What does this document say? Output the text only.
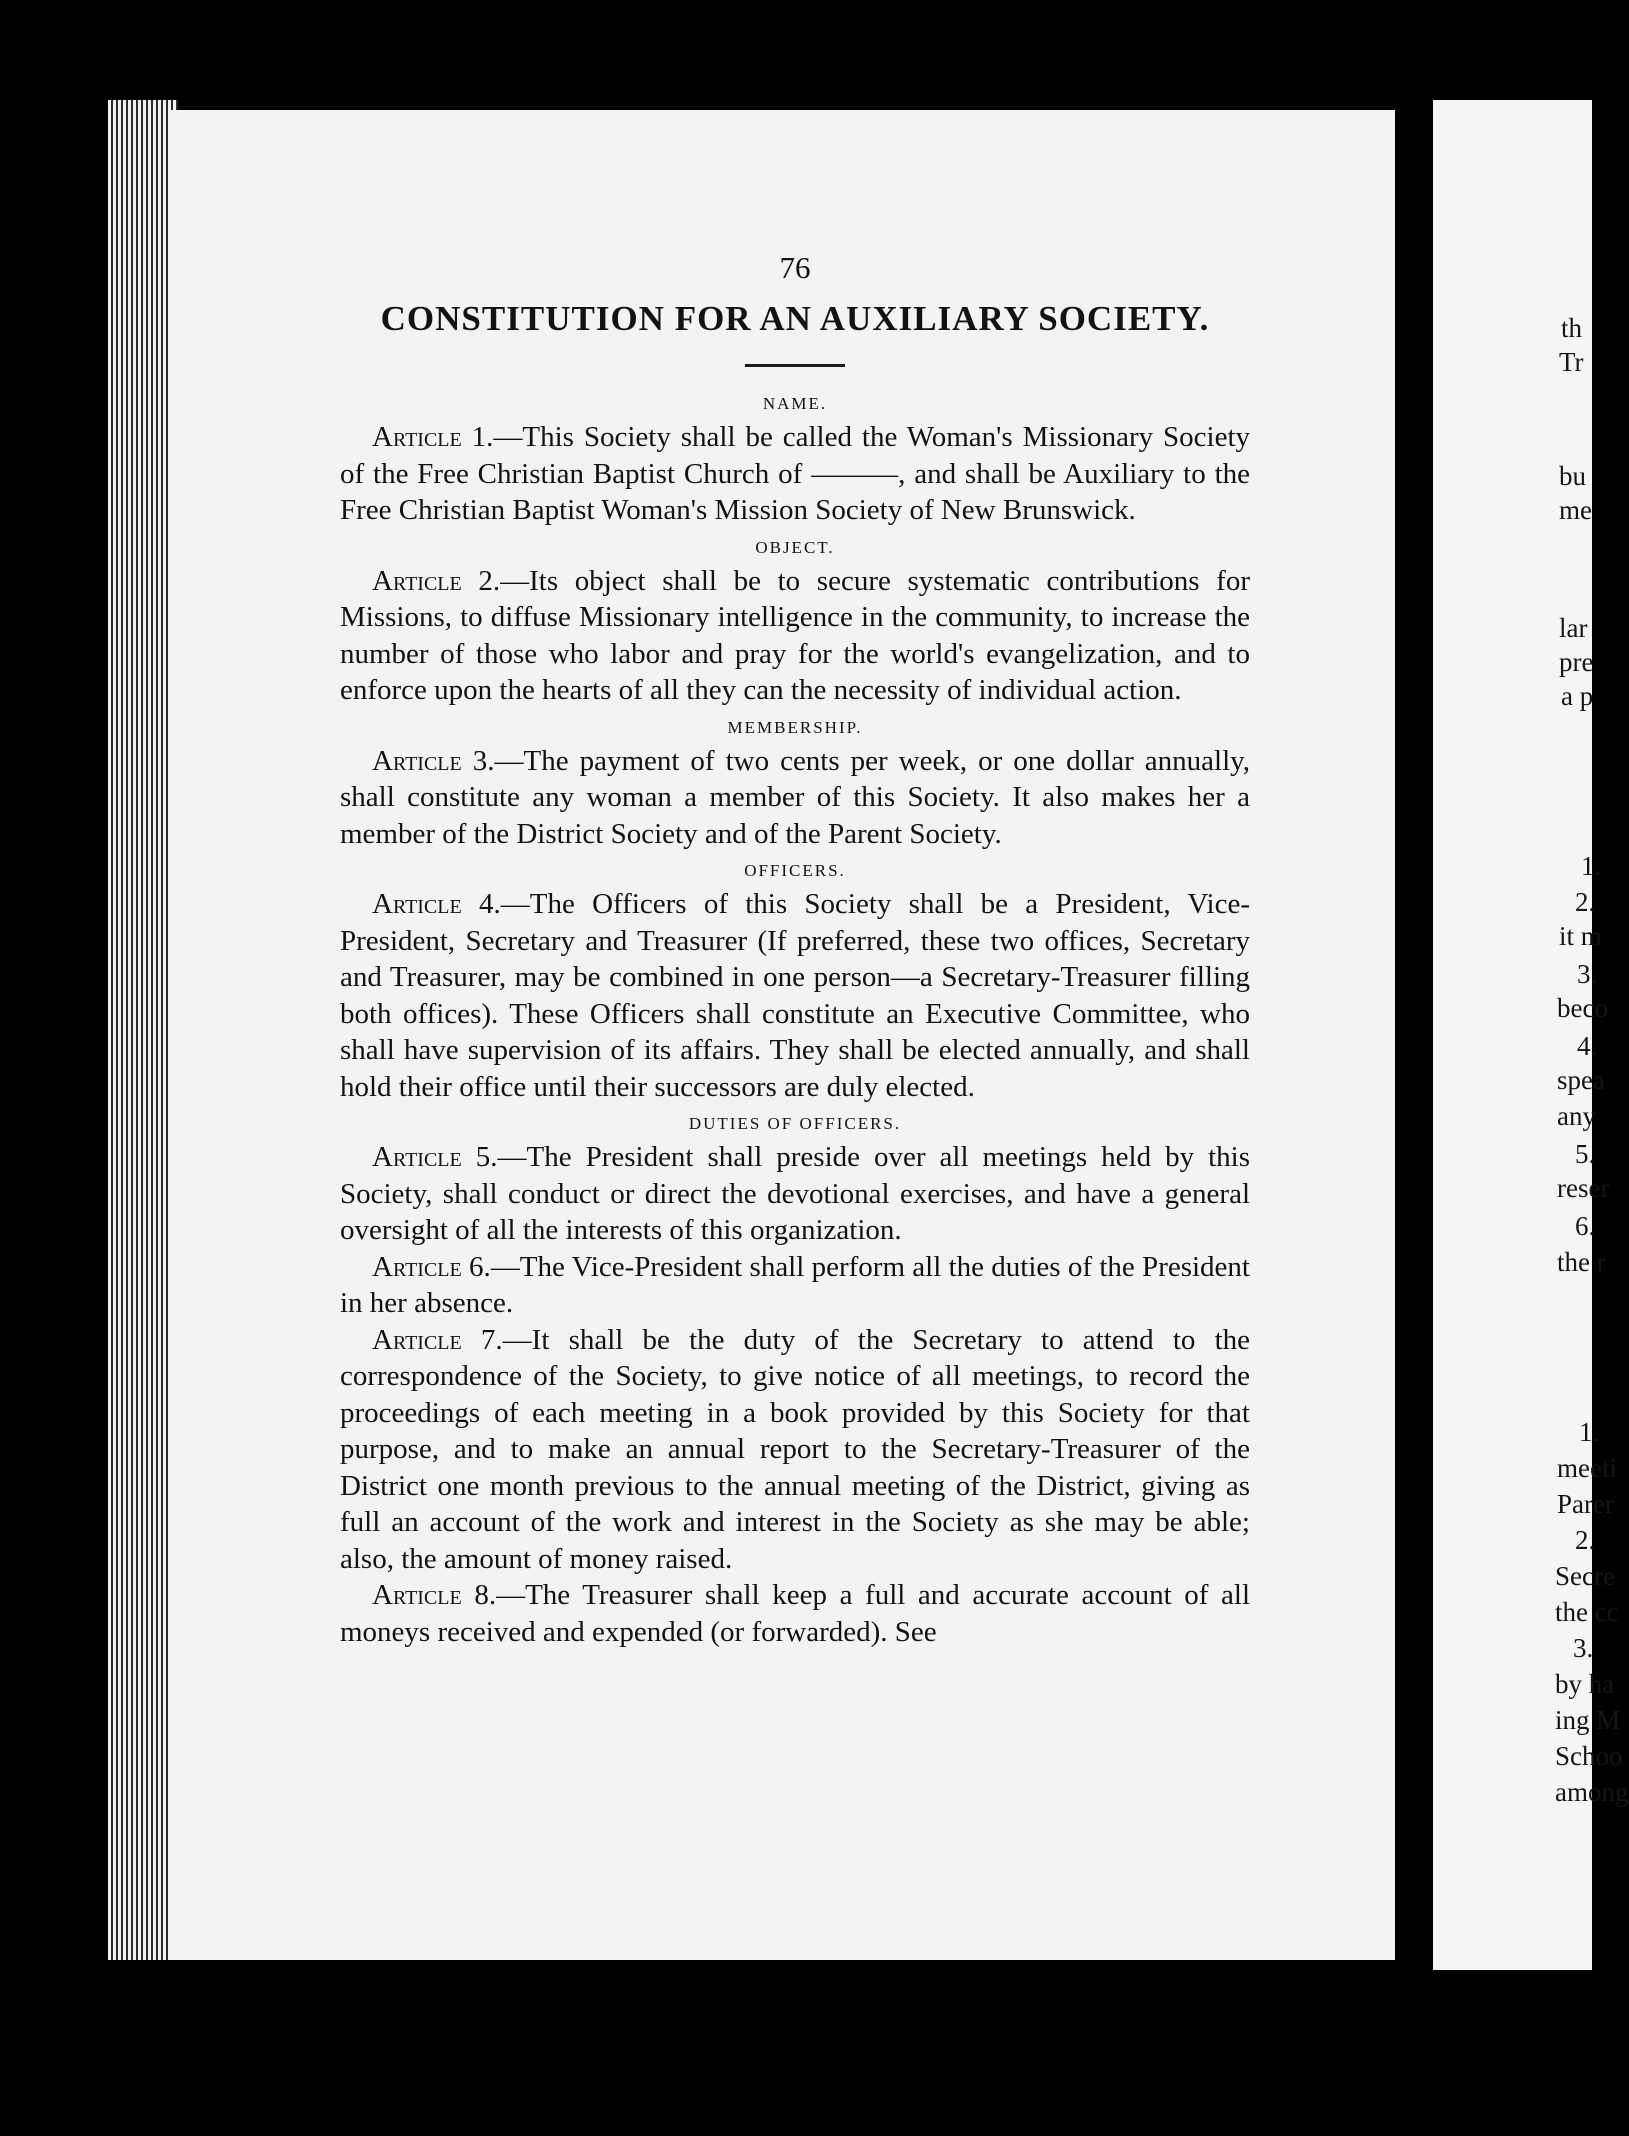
76
CONSTITUTION FOR AN AUXILIARY SOCIETY.
NAME.

Article 1.—This Society shall be called the Woman's Missionary Society of the Free Christian Baptist Church of ———, and shall be Auxiliary to the Free Christian Baptist Woman's Mission Society of New Brunswick.

OBJECT.

Article 2.—Its object shall be to secure systematic contributions for Missions, to diffuse Missionary intelligence in the community, to increase the number of those who labor and pray for the world's evangelization, and to enforce upon the hearts of all they can the necessity of individual action.

MEMBERSHIP.

Article 3.—The payment of two cents per week, or one dollar annually, shall constitute any woman a member of this Society. It also makes her a member of the District Society and of the Parent Society.

OFFICERS.

Article 4.—The Officers of this Society shall be a President, Vice-President, Secretary and Treasurer (If preferred, these two offices, Secretary and Treasurer, may be combined in one person—a Secretary-Treasurer filling both offices). These Officers shall constitute an Executive Committee, who shall have supervision of its affairs. They shall be elected annually, and shall hold their office until their successors are duly elected.

DUTIES OF OFFICERS.

Article 5.—The President shall preside over all meetings held by this Society, shall conduct or direct the devotional exercises, and have a general oversight of all the interests of this organization.

Article 6.—The Vice-President shall perform all the duties of the President in her absence.

Article 7.—It shall be the duty of the Secretary to attend to the correspondence of the Society, to give notice of all meetings, to record the proceedings of each meeting in a book provided by this Society for that purpose, and to make an annual report to the Secretary-Treasurer of the District one month previous to the annual meeting of the District, giving as full an account of the work and interest in the Society as she may be able; also, the amount of money raised.

Article 8.—The Treasurer shall keep a full and accurate account of all moneys received and expended (or forwarded). See

th
Tr
bu
me
lar
pre
a p
1.
2.
it m
3.
beco
4.
spea
any
5.
reser
6.
the r
1.
meeti
Parer
2.
Secre
the cc
3.
by ha
ing M
Schoo
among
